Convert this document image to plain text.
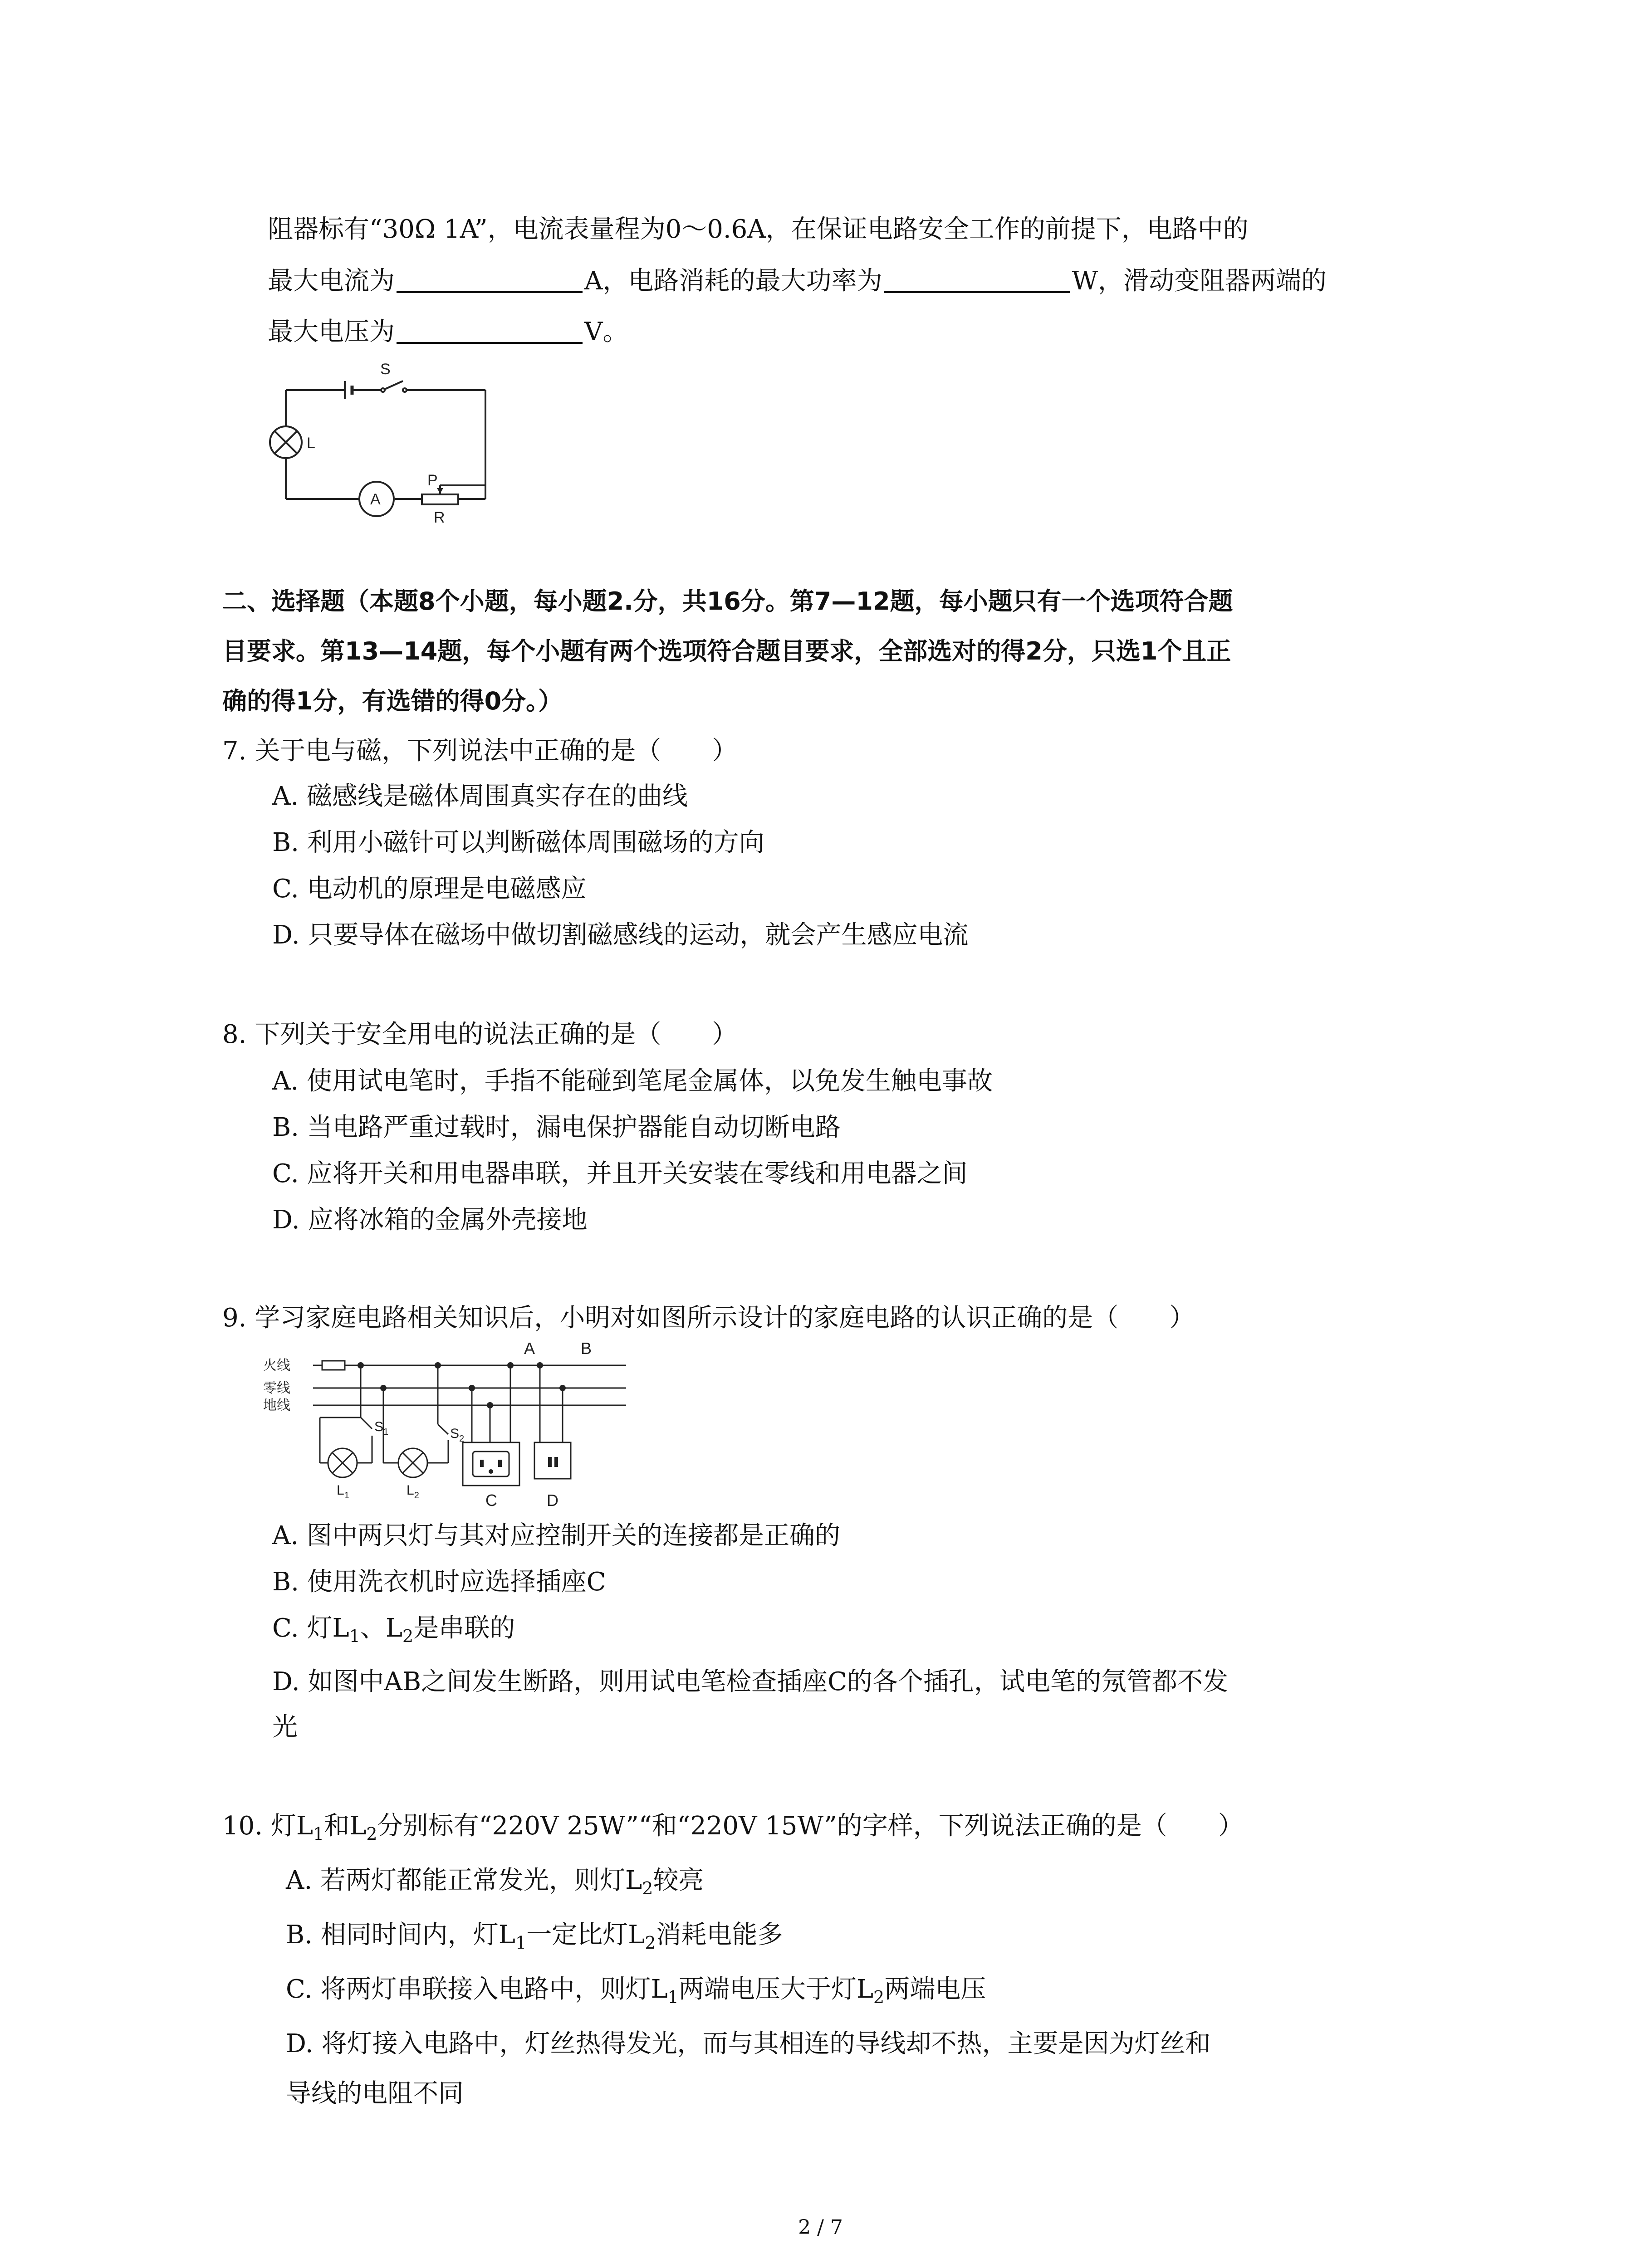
阻器标有“30Ω 1A”，电流表量程为0～0.6A，在保证电路安全工作的前提下，电路中的
最大电流为	A，电路消耗的最大功率为	W，滑动变阻器两端的
最大电压为	V。
S
L
A
P
R
二、选择题（本题8个小题，每小题2.分，共16分。第7—12题，每小题只有一个选项符合题
目要求。第13—14题，每个小题有两个选项符合题目要求，全部选对的得2分，只选1个且正
确的得1分，有选错的得0分。）
7. 关于电与磁，下列说法中正确的是（　　）
A. 磁感线是磁体周围真实存在的曲线
B. 利用小磁针可以判断磁体周围磁场的方向
C. 电动机的原理是电磁感应
D. 只要导体在磁场中做切割磁感线的运动，就会产生感应电流
8. 下列关于安全用电的说法正确的是（　　）
A. 使用试电笔时，手指不能碰到笔尾金属体，以免发生触电事故
B. 当电路严重过载时，漏电保护器能自动切断电路
C. 应将开关和用电器串联，并且开关安装在零线和用电器之间
D. 应将冰箱的金属外壳接地
9. 学习家庭电路相关知识后，小明对如图所示设计的家庭电路的认识正确的是（　　）
火线
零线
地线
A	B
C	D
$S_1$	$S_2$
$L_1$	$L_2$
A. 图中两只灯与其对应控制开关的连接都是正确的
B. 使用洗衣机时应选择插座C
C. 灯$L_1$、$L_2$是串联的
D. 如图中AB之间发生断路，则用试电笔检查插座C的各个插孔，试电笔的氖管都不发
光
10. 灯$L_1$和$L_2$分别标有“220V 25W”“和“220V 15W”的字样，下列说法正确的是（　　）
A. 若两灯都能正常发光，则灯$L_2$较亮
B. 相同时间内，灯$L_1$一定比灯$L_2$消耗电能多
C. 将两灯串联接入电路中，则灯$L_1$两端电压大于灯$L_2$两端电压
D. 将灯接入电路中，灯丝热得发光，而与其相连的导线却不热，主要是因为灯丝和
导线的电阻不同
2 / 7
